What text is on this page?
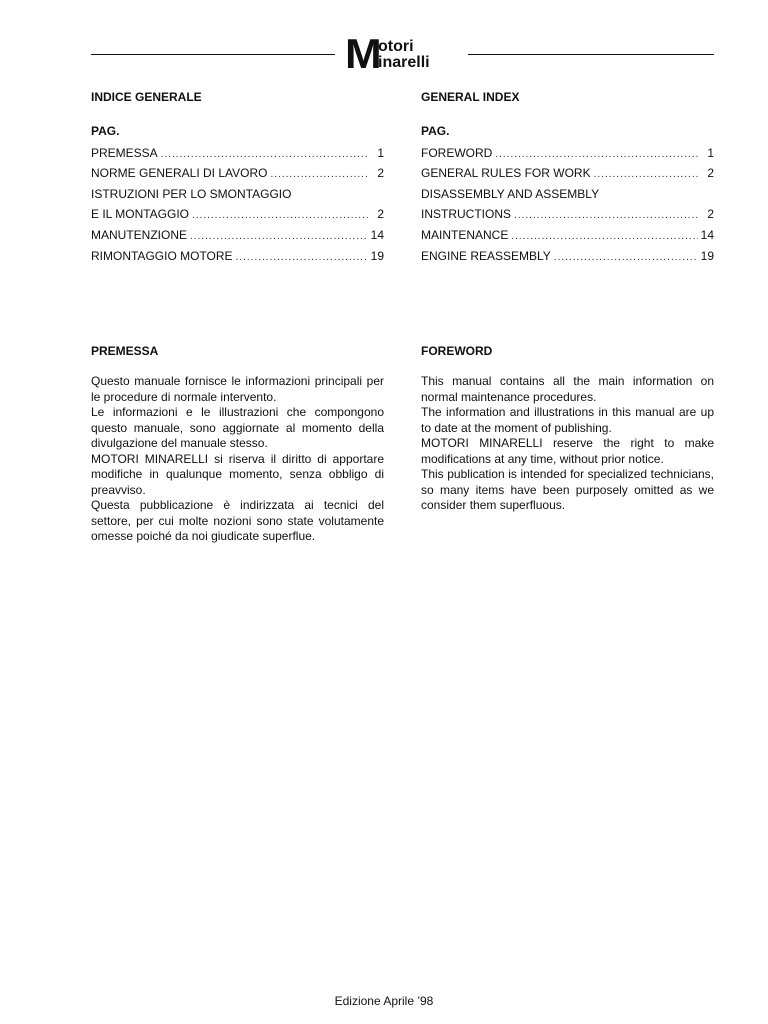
M
otori
inarelli
INDICE GENERALE
PAG.
PREMESSA .....	1
NORME GENERALI DI LAVORO .....	2
ISTRUZIONI PER LO SMONTAGGIO
E IL MONTAGGIO .....	2
MANUTENZIONE .....	14
RIMONTAGGIO MOTORE .....	19
PREMESSA

Questo manuale fornisce le informazioni principali per le procedure di normale intervento.

Le informazioni e le illustrazioni che compongono questo manuale, sono aggiornate al momento della divulgazione del manuale stesso.

MOTORI MINARELLI si riserva il diritto di apportare modifiche in qualunque momento, senza obbligo di preavviso.

Questa pubblicazione è indirizzata ai tecnici del settore, per cui molte nozioni sono state volutamente omesse poiché da noi giudicate superflue.

GENERAL INDEX
PAG.
FOREWORD .....	1
GENERAL RULES FOR WORK .....	2
DISASSEMBLY AND ASSEMBLY
INSTRUCTIONS .....	2
MAINTENANCE .....	14
ENGINE REASSEMBLY .....	19
FOREWORD

This manual contains all the main information on normal maintenance procedures.

The information and illustrations in this manual are up to date at the moment of publishing.

MOTORI MINARELLI reserve the right to make modifications at any time, without prior notice.

This publication is intended for specialized technicians, so many items have been purposely omitted as we consider them superfluous.

Edizione Aprile ’98
